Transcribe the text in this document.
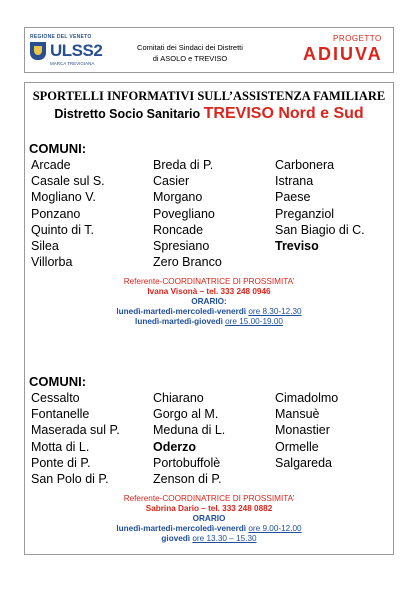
REGIONE DEL VENETO
ULSS2
MARCA TREVIGIANA
Comitati dei Sindaci dei Distretti
di ASOLO e TREVISO
PROGETTO
ADIUVA
SPORTELLI INFORMATIVI SULL’ASSISTENZA FAMILIARE
Distretto Socio Sanitario TREVISO Nord e Sud
COMUNI:
Arcade
Casale sul S.
Mogliano V.
Ponzano
Quinto di T.
Silea
Villorba
Breda di P.
Casier
Morgano
Povegliano
Roncade
Spresiano
Zero Branco
Carbonera
Istrana
Paese
Preganziol
San Biagio di C.
Treviso
Referente-COORDINATRICE DI PROSSIMITA’
Ivana Visonà – tel. 333 248 0946
ORARIO:
lunedì-martedì-mercoledì-venerdì ore 8.30-12.30
lunedì-martedì-giovedì ore 15.00-19.00
COMUNI:
Cessalto
Fontanelle
Maserada sul P.
Motta di L.
Ponte di P.
San Polo di P.
Chiarano
Gorgo al M.
Meduna di L.
Oderzo
Portobuffolè
Zenson di P.
Cimadolmo
Mansuè
Monastier
Ormelle
Salgareda
Referente-COORDINATRICE DI PROSSIMITA’
Sabrina Dario – tel. 333 248 0882
ORARIO
lunedì-martedì-mercoledì-venerdì ore 9.00-12.00
giovedì ore 13.30 – 15.30
